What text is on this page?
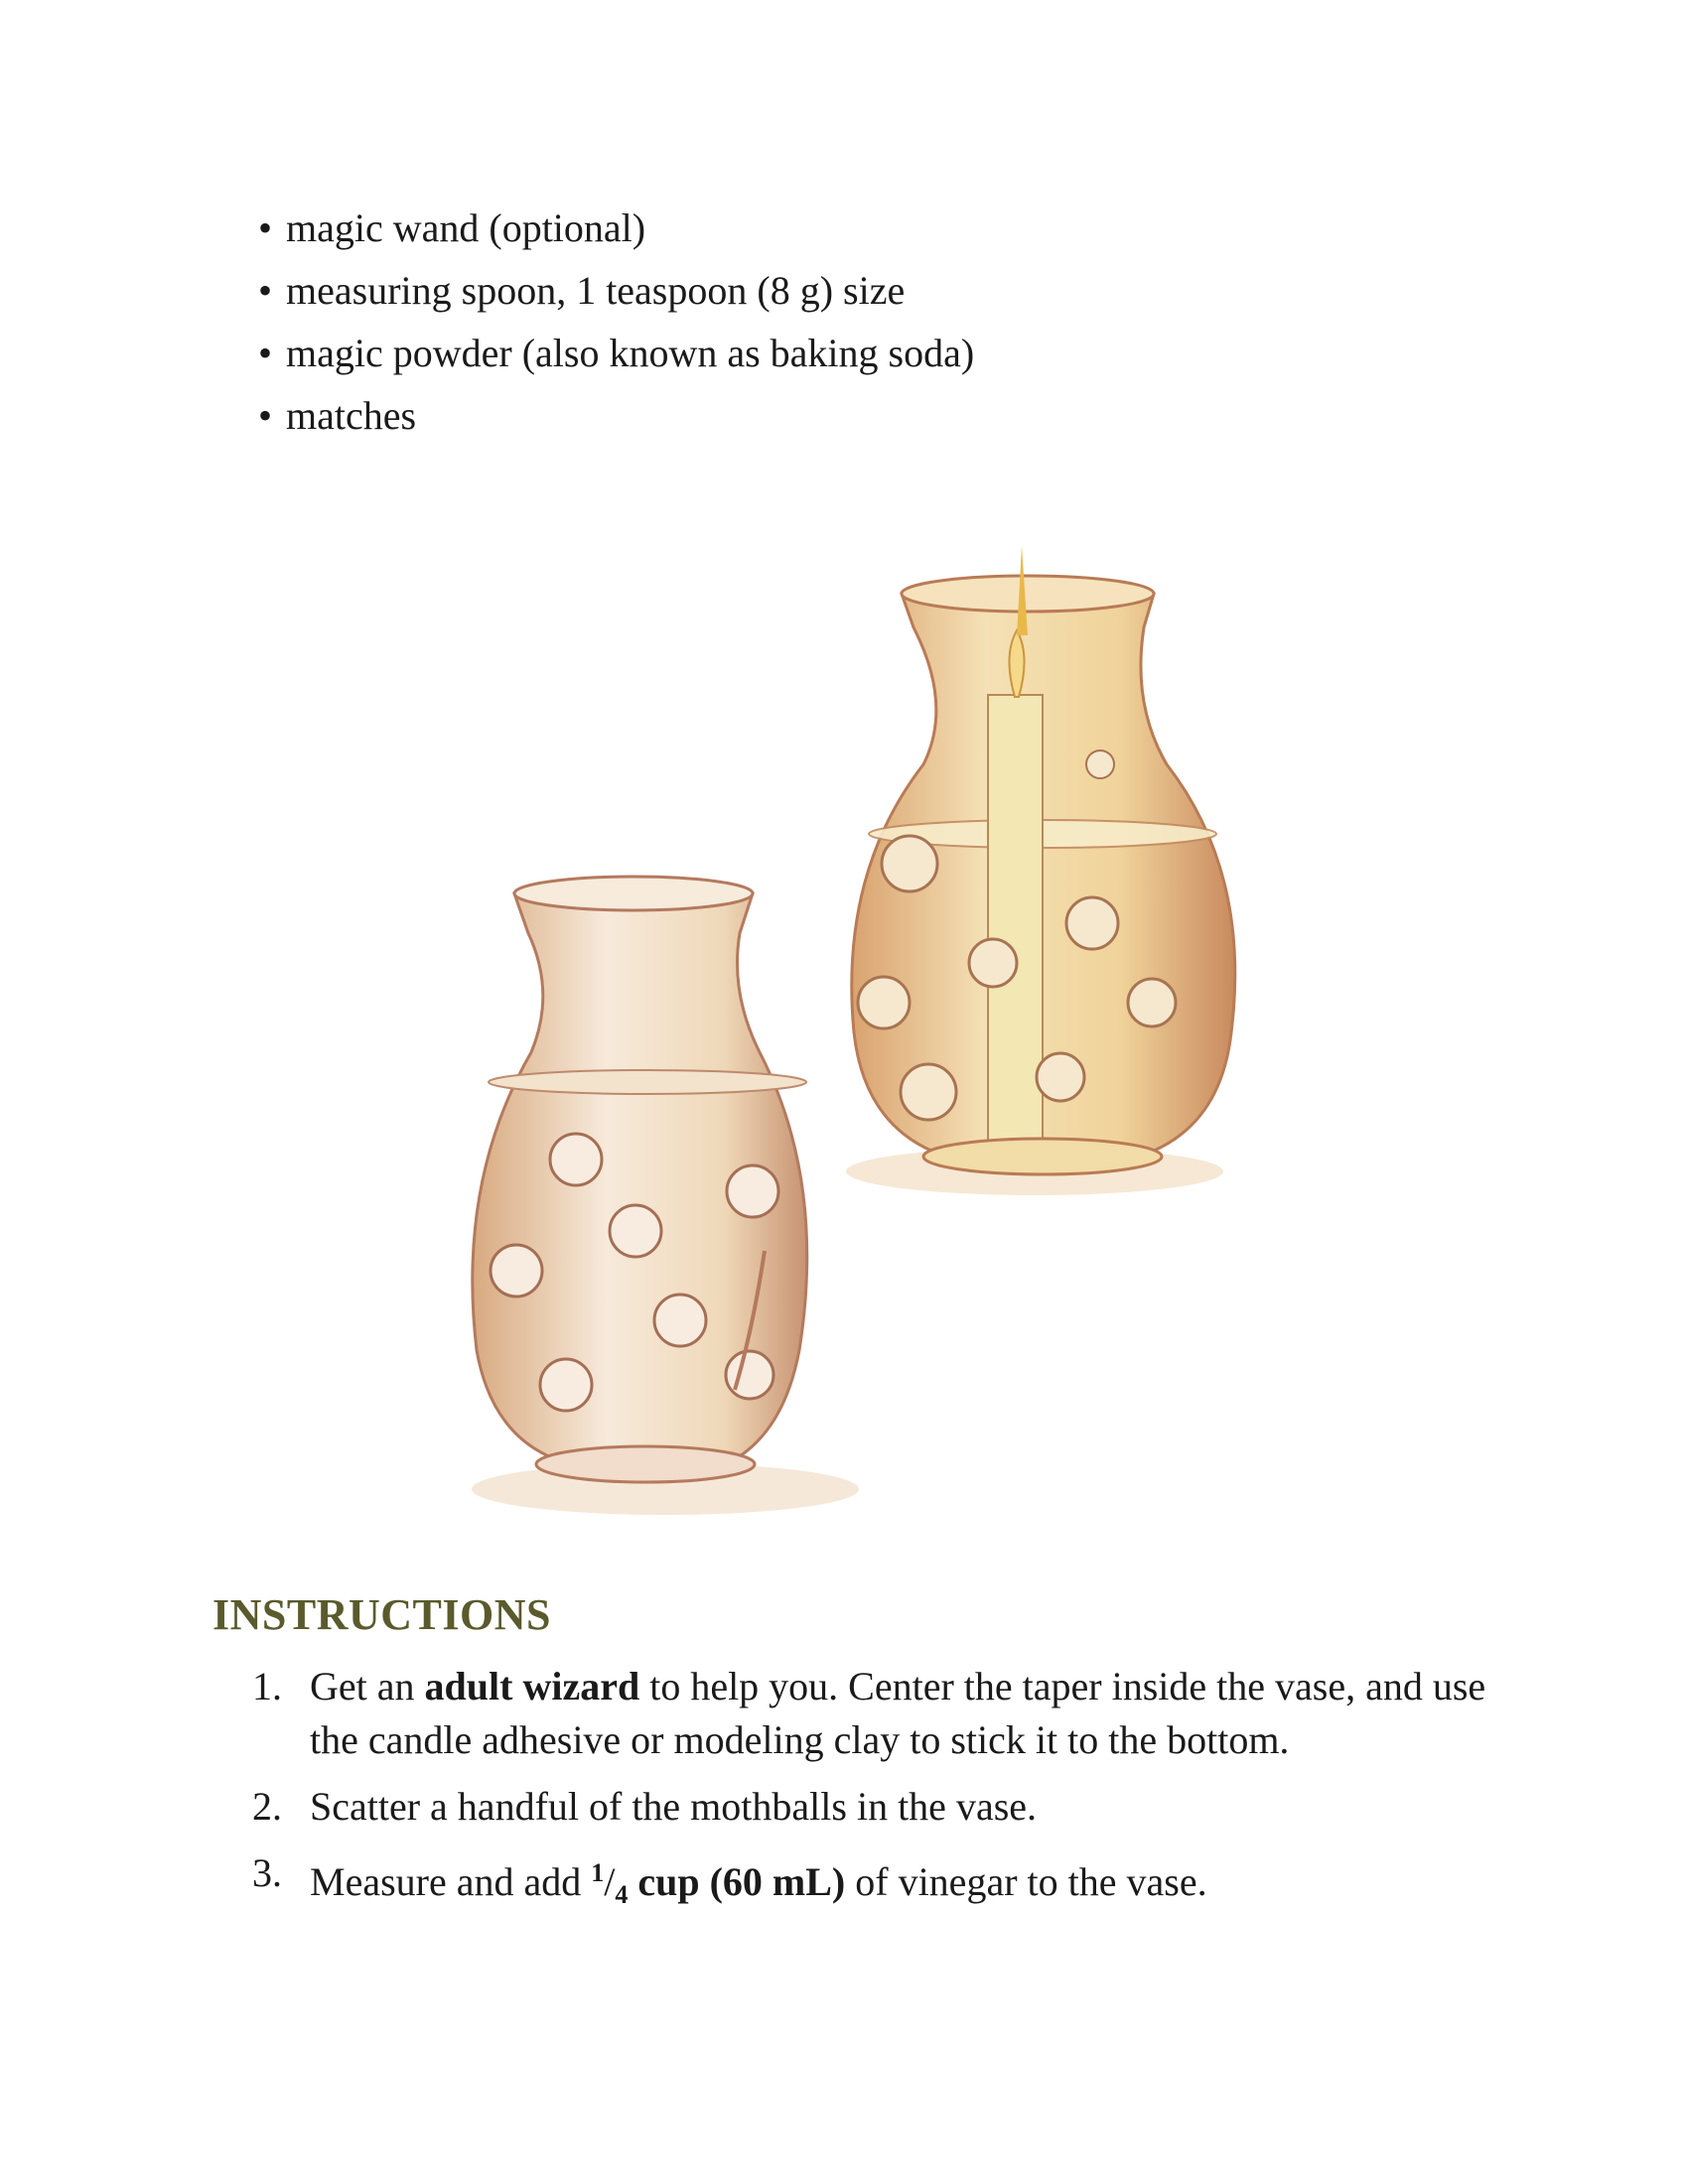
• magic wand (optional)
• measuring spoon, 1 teaspoon (8 g) size
• magic powder (also known as baking soda)
• matches
INSTRUCTIONS
1. Get an adult wizard to help you. Center the taper inside the vase, and use the candle adhesive or modeling clay to stick it to the bottom.
2. Scatter a handful of the mothballs in the vase.
3. Measure and add $^1/_4$ cup (60 mL) of vinegar to the vase.
